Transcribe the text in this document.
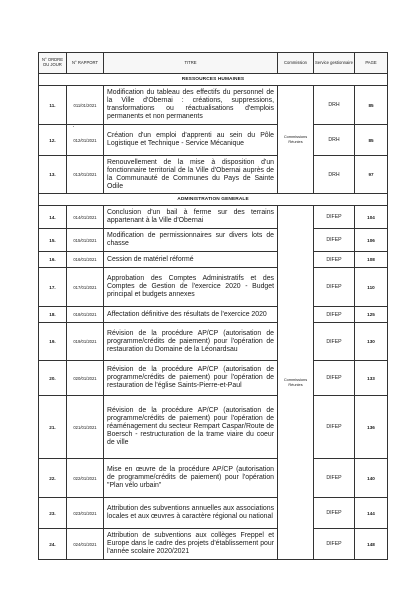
N° ORDRE DU JOUR	N° RAPPORT	TITRE	Commission	Service gestionnaire	PAGE
RESSOURCES HUMAINES					
11.	011/01/2021	Modification du tableau des effectifs du personnel de la Ville d'Obernai : créations, suppressions, transformations ou réactualisations d'emplois permanents et non permanents	Commissions Réunies	DRH	85
12.	012/01/2021	Création d'un emploi d'apprenti au sein du Pôle Logistique et Technique - Service Mécanique		DRH	85
13.	013/01/2021	Renouvellement de la mise à disposition d'un fonctionnaire territorial de la Ville d'Obernai auprès de la Communauté de Communes du Pays de Sainte Odile		DRH	97
ADMINISTRATION GENERALE					
14.	014/01/2021	Conclusion d'un bail à ferme sur des terrains appartenant à la Ville d'Obernai	Commissions Réunies	DIFEP	104
15.	015/01/2021	Modification de permissionnaires sur divers lots de chasse		DIFEP	106
16.	016/01/2021	Cession de matériel réformé		DIFEP	108
17.	017/01/2021	Approbation des Comptes Administratifs et des Comptes de Gestion de l'exercice 2020 - Budget principal et budgets annexes		DIFEP	110
18.	018/01/2021	Affectation définitive des résultats de l'exercice 2020		DIFEP	125
19.	019/01/2021	Révision de la procédure AP/CP (autorisation de programme/crédits de paiement) pour l'opération de restauration du Domaine de la Léonardsau		DIFEP	130
20.	020/01/2021	Révision de la procédure AP/CP (autorisation de programme/crédits de paiement) pour l'opération de restauration de l'église Saints-Pierre-et-Paul		DIFEP	133
21.	021/01/2021	Révision de la procédure AP/CP (autorisation de programme/crédits de paiement) pour l'opération de réaménagement du secteur Rempart Caspar/Route de Boersch - restructuration de la trame viaire du coeur de ville		DIFEP	136
22.	022/01/2021	Mise en œuvre de la procédure AP/CP (autorisation de programme/crédits de paiement) pour l'opération "Plan vélo urbain"		DIFEP	140
23.	023/01/2021	Attribution des subventions annuelles aux associations locales et aux œuvres à caractère régional ou national		DIFEP	144
24.	024/01/2021	Attribution de subventions aux collèges Freppel et Europe dans le cadre des projets d'établissement pour l'année scolaire 2020/2021		DIFEP	148
